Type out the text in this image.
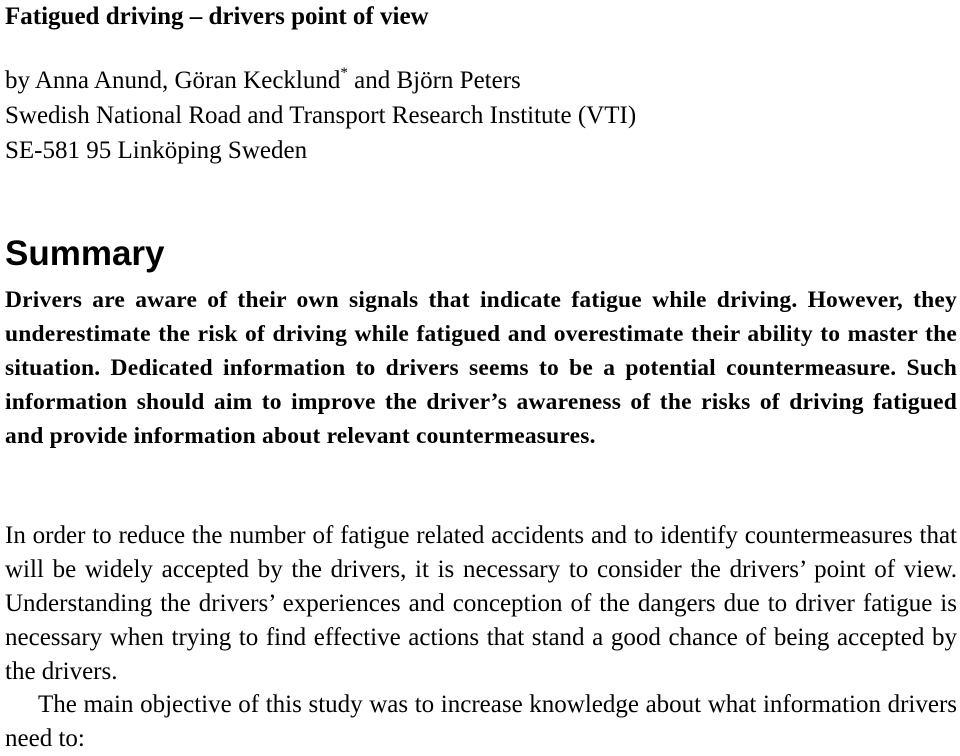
Fatigued driving – drivers point of view
by Anna Anund, Göran Kecklund* and Björn Peters
Swedish National Road and Transport Research Institute (VTI)
SE-581 95 Linköping Sweden
Summary

Drivers are aware of their own signals that indicate fatigue while driving. However, they underestimate the risk of driving while fatigued and overestimate their ability to master the situation. Dedicated information to drivers seems to be a potential countermeasure. Such information should aim to improve the driver’s awareness of the risks of driving fatigued and provide information about relevant countermeasures.

In order to reduce the number of fatigue related accidents and to identify countermeasures that will be widely accepted by the drivers, it is necessary to consider the drivers’ point of view. Understanding the drivers’ experiences and conception of the dangers due to driver fatigue is necessary when trying to find effective actions that stand a good chance of being accepted by the drivers.

The main objective of this study was to increase knowledge about what information drivers need to:
